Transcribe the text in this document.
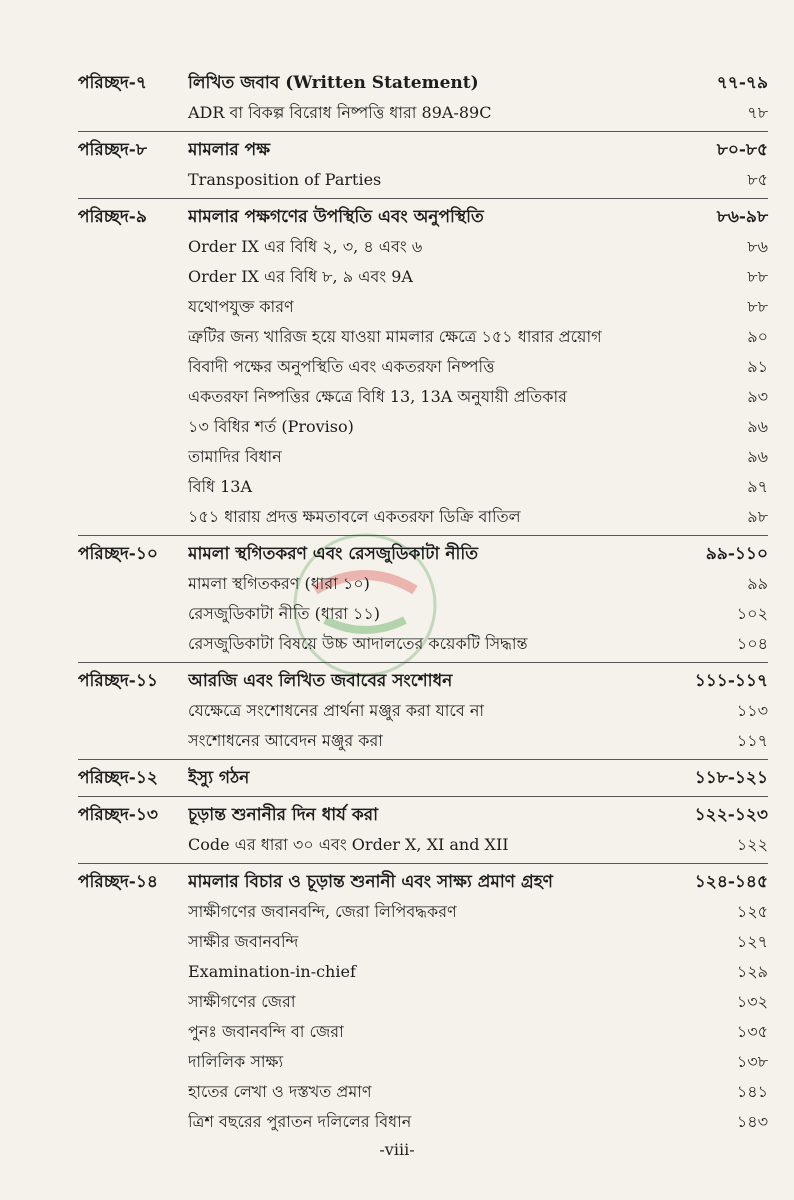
পরিচ্ছদ-৭	লিখিত জবাব (Written Statement)	৭৭-৭৯
ADR বা বিকল্প বিরোধ নিষ্পত্তি ধারা 89A-89C	৭৮
পরিচ্ছদ-৮	মামলার পক্ষ	৮০-৮৫
Transposition of Parties	৮৫
পরিচ্ছদ-৯	মামলার পক্ষগণের উপস্থিতি এবং অনুপস্থিতি	৮৬-৯৮
Order IX এর বিধি ২, ৩, ৪ এবং ৬	৮৬
Order IX এর বিধি ৮, ৯ এবং 9A	৮৮
যথোপযুক্ত কারণ	৮৮
ত্রুটির জন্য খারিজ হয়ে যাওয়া মামলার ক্ষেত্রে ১৫১ ধারার প্রয়োগ	৯০
বিবাদী পক্ষের অনুপস্থিতি এবং একতরফা নিষ্পত্তি	৯১
একতরফা নিষ্পত্তির ক্ষেত্রে বিধি 13, 13A অনুযায়ী প্রতিকার	৯৩
১৩ বিধির শর্ত (Proviso)	৯৬
তামাদির বিধান	৯৬
বিধি 13A	৯৭
১৫১ ধারায় প্রদত্ত ক্ষমতাবলে একতরফা ডিক্রি বাতিল	৯৮
পরিচ্ছদ-১০	মামলা স্থগিতকরণ এবং রেসজুডিকাটা নীতি	৯৯-১১০
মামলা স্থগিতকরণ (ধারা ১০)	৯৯
রেসজুডিকাটা নীতি (ধারা ১১)	১০২
রেসজুডিকাটা বিষয়ে উচ্চ আদালতের কয়েকটি সিদ্ধান্ত	১০৪
পরিচ্ছদ-১১	আরজি এবং লিখিত জবাবের সংশোধন	১১১-১১৭
যেক্ষেত্রে সংশোধনের প্রার্থনা মঞ্জুর করা যাবে না	১১৩
সংশোধনের আবেদন মঞ্জুর করা	১১৭
পরিচ্ছদ-১২	ইস্যু গঠন	১১৮-১২১
পরিচ্ছদ-১৩	চূড়ান্ত শুনানীর দিন ধার্য করা	১২২-১২৩
Code এর ধারা ৩০ এবং Order X, XI and XII	১২২
পরিচ্ছদ-১৪	মামলার বিচার ও চূড়ান্ত শুনানী এবং সাক্ষ্য প্রমাণ গ্রহণ	১২৪-১৪৫
সাক্ষীগণের জবানবন্দি, জেরা লিপিবদ্ধকরণ	১২৫
সাক্ষীর জবানবন্দি	১২৭
Examination-in-chief	১২৯
সাক্ষীগণের জেরা	১৩২
পুনঃ জবানবন্দি বা জেরা	১৩৫
দালিলিক সাক্ষ্য	১৩৮
হাতের লেখা ও দস্তখত প্রমাণ	১৪১
ত্রিশ বছরের পুরাতন দলিলের বিধান	১৪৩
-viii-
